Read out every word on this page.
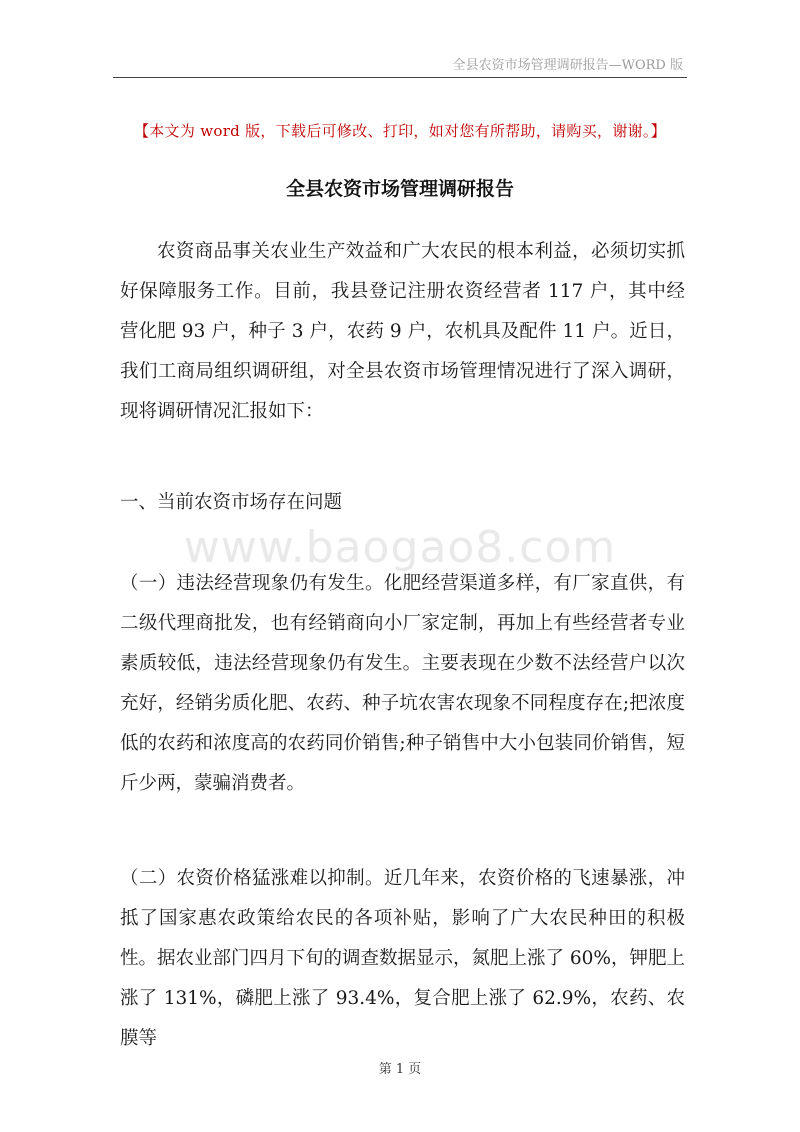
全县农资市场管理调研报告—WORD 版
【本文为 word 版，下载后可修改、打印，如对您有所帮助，请购买，谢谢。】
全县农资市场管理调研报告

农资商品事关农业生产效益和广大农民的根本利益，必须切实抓好保障服务工作。目前，我县登记注册农资经营者 117 户，其中经营化肥 93 户，种子 3 户，农药 9 户，农机具及配件 11 户。近日，我们工商局组织调研组，对全县农资市场管理情况进行了深入调研，现将调研情况汇报如下：

一、当前农资市场存在问题

www.baogao8.com

（一）违法经营现象仍有发生。化肥经营渠道多样，有厂家直供，有二级代理商批发，也有经销商向小厂家定制，再加上有些经营者专业素质较低，违法经营现象仍有发生。主要表现在少数不法经营户以次充好，经销劣质化肥、农药、种子坑农害农现象不同程度存在;把浓度低的农药和浓度高的农药同价销售;种子销售中大小包装同价销售，短斤少两，蒙骗消费者。

（二）农资价格猛涨难以抑制。近几年来，农资价格的飞速暴涨，冲抵了国家惠农政策给农民的各项补贴，影响了广大农民种田的积极性。据农业部门四月下旬的调查数据显示，氮肥上涨了 60%，钾肥上涨了 131%，磷肥上涨了 93.4%，复合肥上涨了 62.9%，农药、农膜等

第 1 页
